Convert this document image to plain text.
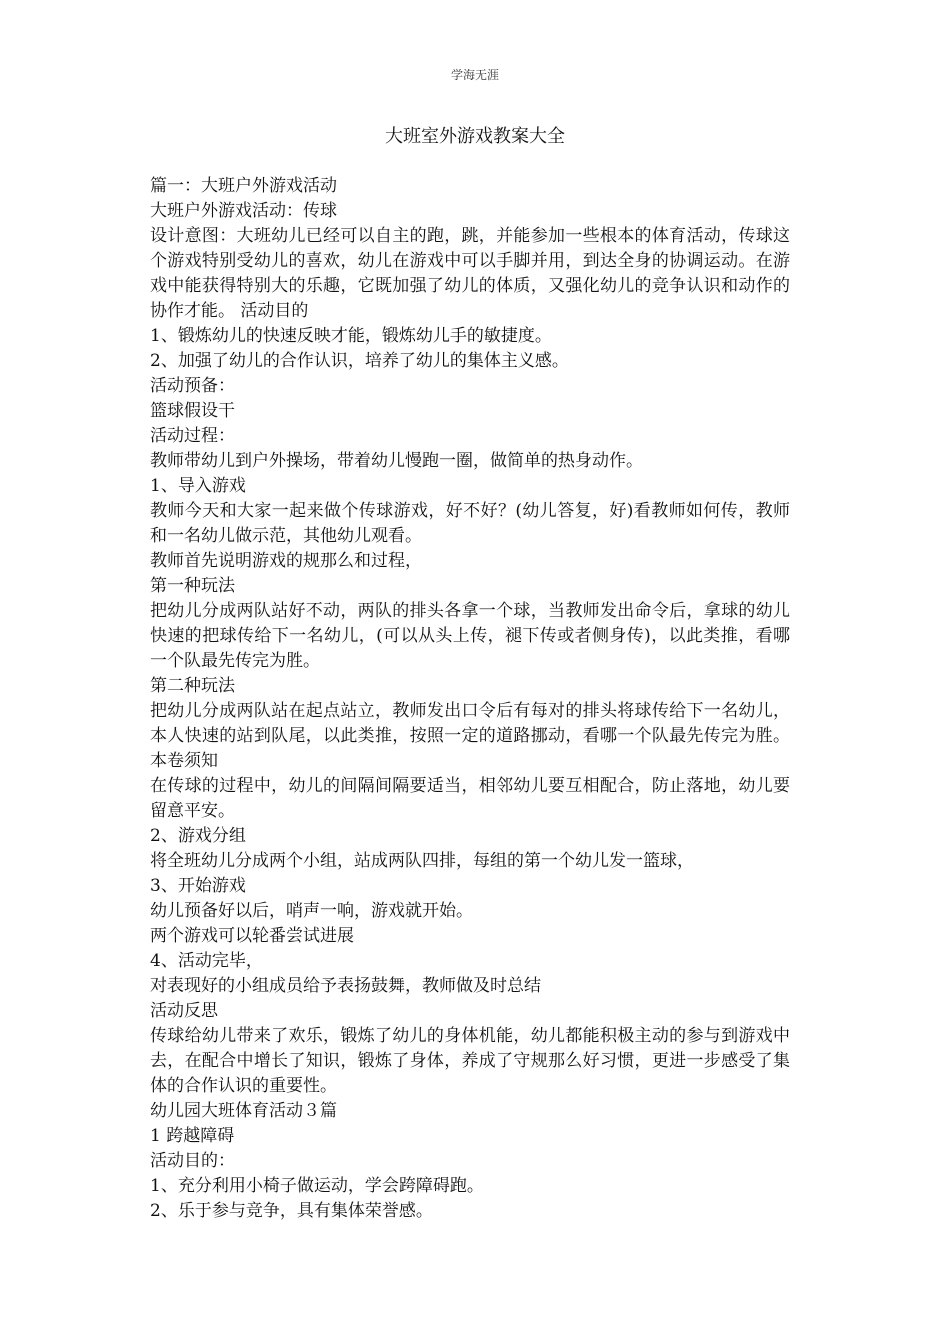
学海无涯
大班室外游戏教案大全

篇一：大班户外游戏活动

大班户外游戏活动：传球

设计意图：大班幼儿已经可以自主的跑，跳，并能参加一些根本的体育活动，传球这个游戏特别受幼儿的喜欢，幼儿在游戏中可以手脚并用，到达全身的协调运动。在游戏中能获得特别大的乐趣，它既加强了幼儿的体质，又强化幼儿的竞争认识和动作的协作才能。 活动目的

1、锻炼幼儿的快速反映才能，锻炼幼儿手的敏捷度。

2、加强了幼儿的合作认识，培养了幼儿的集体主义感。

活动预备：

篮球假设干

活动过程：

教师带幼儿到户外操场，带着幼儿慢跑一圈，做简单的热身动作。

1、导入游戏

教师今天和大家一起来做个传球游戏，好不好？(幼儿答复，好)看教师如何传，教师和一名幼儿做示范，其他幼儿观看。

教师首先说明游戏的规那么和过程，

第一种玩法

把幼儿分成两队站好不动，两队的排头各拿一个球，当教师发出命令后，拿球的幼儿快速的把球传给下一名幼儿，(可以从头上传，褪下传或者侧身传)，以此类推，看哪一个队最先传完为胜。

第二种玩法

把幼儿分成两队站在起点站立，教师发出口令后有每对的排头将球传给下一名幼儿，本人快速的站到队尾，以此类推，按照一定的道路挪动，看哪一个队最先传完为胜。 本卷须知

在传球的过程中，幼儿的间隔间隔要适当，相邻幼儿要互相配合，防止落地，幼儿要留意平安。

2、游戏分组

将全班幼儿分成两个小组，站成两队四排，每组的第一个幼儿发一篮球，

3、开始游戏

幼儿预备好以后，哨声一响，游戏就开始。

两个游戏可以轮番尝试进展

4、活动完毕，

对表现好的小组成员给予表扬鼓舞，教师做及时总结

活动反思

传球给幼儿带来了欢乐，锻炼了幼儿的身体机能，幼儿都能积极主动的参与到游戏中去，在配合中增长了知识，锻炼了身体，养成了守规那么好习惯，更进一步感受了集体的合作认识的重要性。

幼儿园大班体育活动３篇

1 跨越障碍

活动目的：

1、充分利用小椅子做运动，学会跨障碍跑。

2、乐于参与竞争，具有集体荣誉感。
